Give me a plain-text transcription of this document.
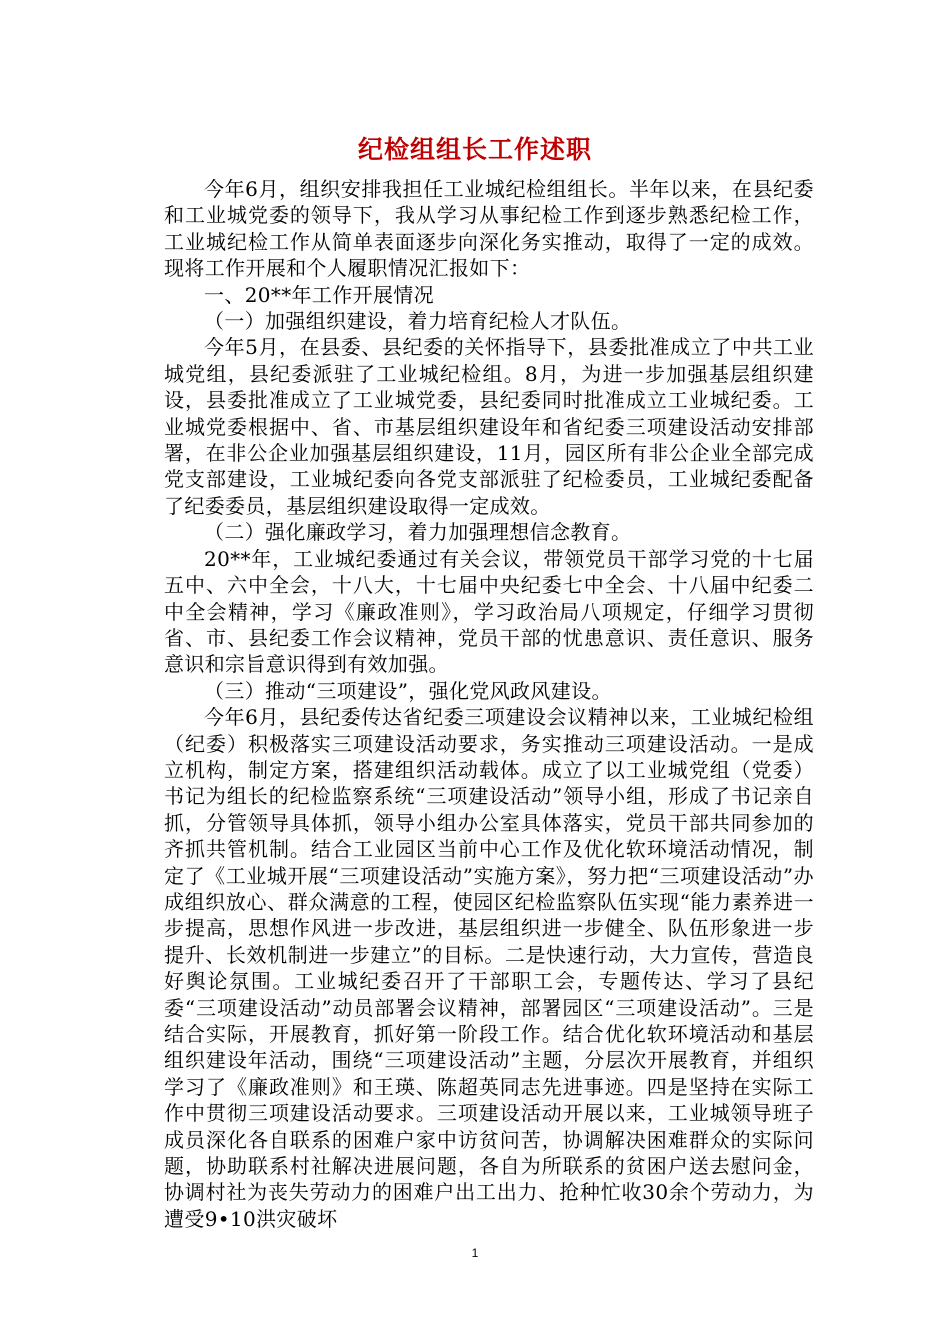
纪检组组长工作述职

今年6月，组织安排我担任工业城纪检组组长。半年以来，在县纪委和工业城党委的领导下，我从学习从事纪检工作到逐步熟悉纪检工作，工业城纪检工作从简单表面逐步向深化务实推动，取得了一定的成效。现将工作开展和个人履职情况汇报如下：

一、20**年工作开展情况

（一）加强组织建设，着力培育纪检人才队伍。

今年5月，在县委、县纪委的关怀指导下，县委批准成立了中共工业城党组，县纪委派驻了工业城纪检组。8月，为进一步加强基层组织建设，县委批准成立了工业城党委，县纪委同时批准成立工业城纪委。工业城党委根据中、省、市基层组织建设年和省纪委三项建设活动安排部署，在非公企业加强基层组织建设，11月，园区所有非公企业全部完成党支部建设，工业城纪委向各党支部派驻了纪检委员，工业城纪委配备了纪委委员，基层组织建设取得一定成效。

（二）强化廉政学习，着力加强理想信念教育。

20**年，工业城纪委通过有关会议，带领党员干部学习党的十七届五中、六中全会，十八大，十七届中央纪委七中全会、十八届中纪委二中全会精神，学习《廉政准则》，学习政治局八项规定，仔细学习贯彻省、市、县纪委工作会议精神，党员干部的忧患意识、责任意识、服务意识和宗旨意识得到有效加强。

（三）推动“三项建设”，强化党风政风建设。

今年6月，县纪委传达省纪委三项建设会议精神以来，工业城纪检组（纪委）积极落实三项建设活动要求，务实推动三项建设活动。一是成立机构，制定方案，搭建组织活动载体。成立了以工业城党组（党委）书记为组长的纪检监察系统“三项建设活动”领导小组，形成了书记亲自抓，分管领导具体抓，领导小组办公室具体落实，党员干部共同参加的齐抓共管机制。结合工业园区当前中心工作及优化软环境活动情况，制定了《工业城开展“三项建设活动”实施方案》，努力把“三项建设活动”办成组织放心、群众满意的工程，使园区纪检监察队伍实现“能力素养进一步提高，思想作风进一步改进，基层组织进一步健全、队伍形象进一步提升、长效机制进一步建立”的目标。二是快速行动，大力宣传，营造良好舆论氛围。工业城纪委召开了干部职工会，专题传达、学习了县纪委“三项建设活动”动员部署会议精神，部署园区“三项建设活动”。三是结合实际，开展教育，抓好第一阶段工作。结合优化软环境活动和基层组织建设年活动，围绕“三项建设活动”主题，分层次开展教育，并组织学习了《廉政准则》和王瑛、陈超英同志先进事迹。四是坚持在实际工作中贯彻三项建设活动要求。三项建设活动开展以来，工业城领导班子成员深化各自联系的困难户家中访贫问苦，协调解决困难群众的实际问题，协助联系村社解决进展问题，各自为所联系的贫困户送去慰问金，协调村社为丧失劳动力的困难户出工出力、抢种忙收30余个劳动力，为遭受9•10洪灾破坏

1
